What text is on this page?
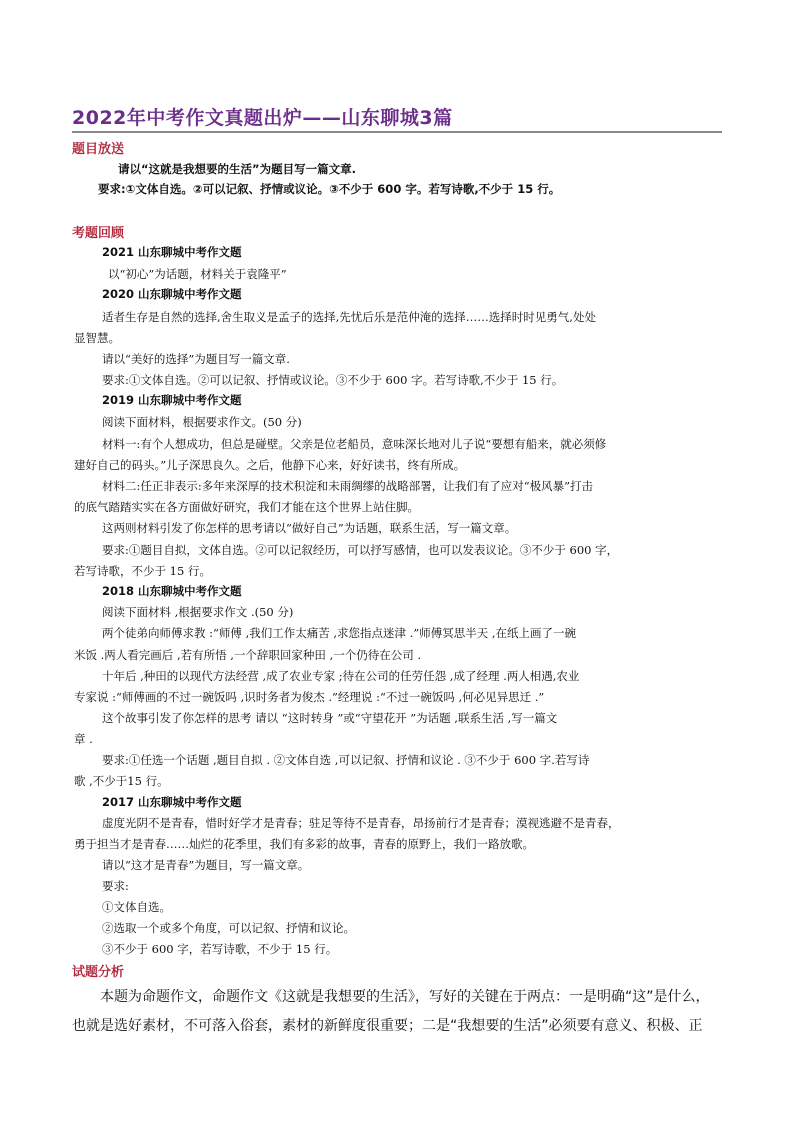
2022年中考作文真题出炉——山东聊城3篇
题目放送
请以“这就是我想要的生活”为题目写一篇文章.
要求:①文体自选。②可以记叙、抒情或议论。③不少于 600 字。若写诗歌,不少于 15 行。
考题回顾
2021 山东聊城中考作文题
以“初心”为话题，材料关于袁隆平”
2020 山东聊城中考作文题
适者生存是自然的选择,舍生取义是孟子的选择,先忧后乐是范仲淹的选择……选择时时见勇气,处处
显智慧。
请以“美好的选择”为题目写一篇文章.
要求:①文体自选。②可以记叙、抒情或议论。③不少于 600 字。若写诗歌,不少于 15 行。
2019 山东聊城中考作文题
阅读下面材料，根据要求作文。(50 分)
材料一:有个人想成功，但总是碰壁。父亲是位老船员，意味深长地对儿子说“要想有船来，就必须修
建好自己的码头。”儿子深思良久。之后，他静下心来，好好读书，终有所成。
材料二:任正非表示:多年来深厚的技术积淀和未雨绸缪的战略部署，让我们有了应对“极风暴”打击
的底气踏踏实实在各方面做好研究，我们才能在这个世界上站住脚。
这两则材料引发了你怎样的思考请以“做好自己”为话题，联系生活，写一篇文章。
要求:①题目自拟，文体自选。②可以记叙经历，可以抒写感情，也可以发表议论。③不少于 600 字，
若写诗歌，不少于 15 行。
2018 山东聊城中考作文题
阅读下面材料 ,根据要求作文 .(50 分)
两个徒弟向师傅求教 :“师傅 ,我们工作太痛苦 ,求您指点迷津 .”师傅冥思半天 ,在纸上画了一碗
米饭 .两人看完画后 ,若有所悟 ,一个辞职回家种田 ,一个仍待在公司 .
十年后 ,种田的以现代方法经营 ,成了农业专家 ;待在公司的任劳任怨 ,成了经理 .两人相遇,农业
专家说 :“师傅画的不过一碗饭吗 ,识时务者为俊杰 .”经理说 :“不过一碗饭吗 ,何必见异思迁 .”
这个故事引发了你怎样的思考 请以 “这时转身 ”或“守望花开 ”为话题 ,联系生活 ,写一篇文
章 .
要求:①任选一个话题 ,题目自拟 . ②文体自选 ,可以记叙、抒情和议论 . ③不少于 600 字.若写诗
歌 ,不少于15 行。
2017 山东聊城中考作文题
虚度光阴不是青春，惜时好学才是青春；驻足等待不是青春，昂扬前行才是青春；漠视逃避不是青春，
勇于担当才是青春……灿烂的花季里，我们有多彩的故事，青春的原野上，我们一路放歌。
请以“这才是青春”为题目，写一篇文章。
要求:
①文体自选。
②选取一个或多个角度，可以记叙、抒情和议论。
③不少于 600 字，若写诗歌，不少于 15 行。
试题分析
本题为命题作文，命题作文《这就是我想要的生活》，写好的关键在于两点：一是明确“这”是什么，
也就是选好素材，不可落入俗套，素材的新鲜度很重要；二是“我想要的生活”必须要有意义、积极、正
